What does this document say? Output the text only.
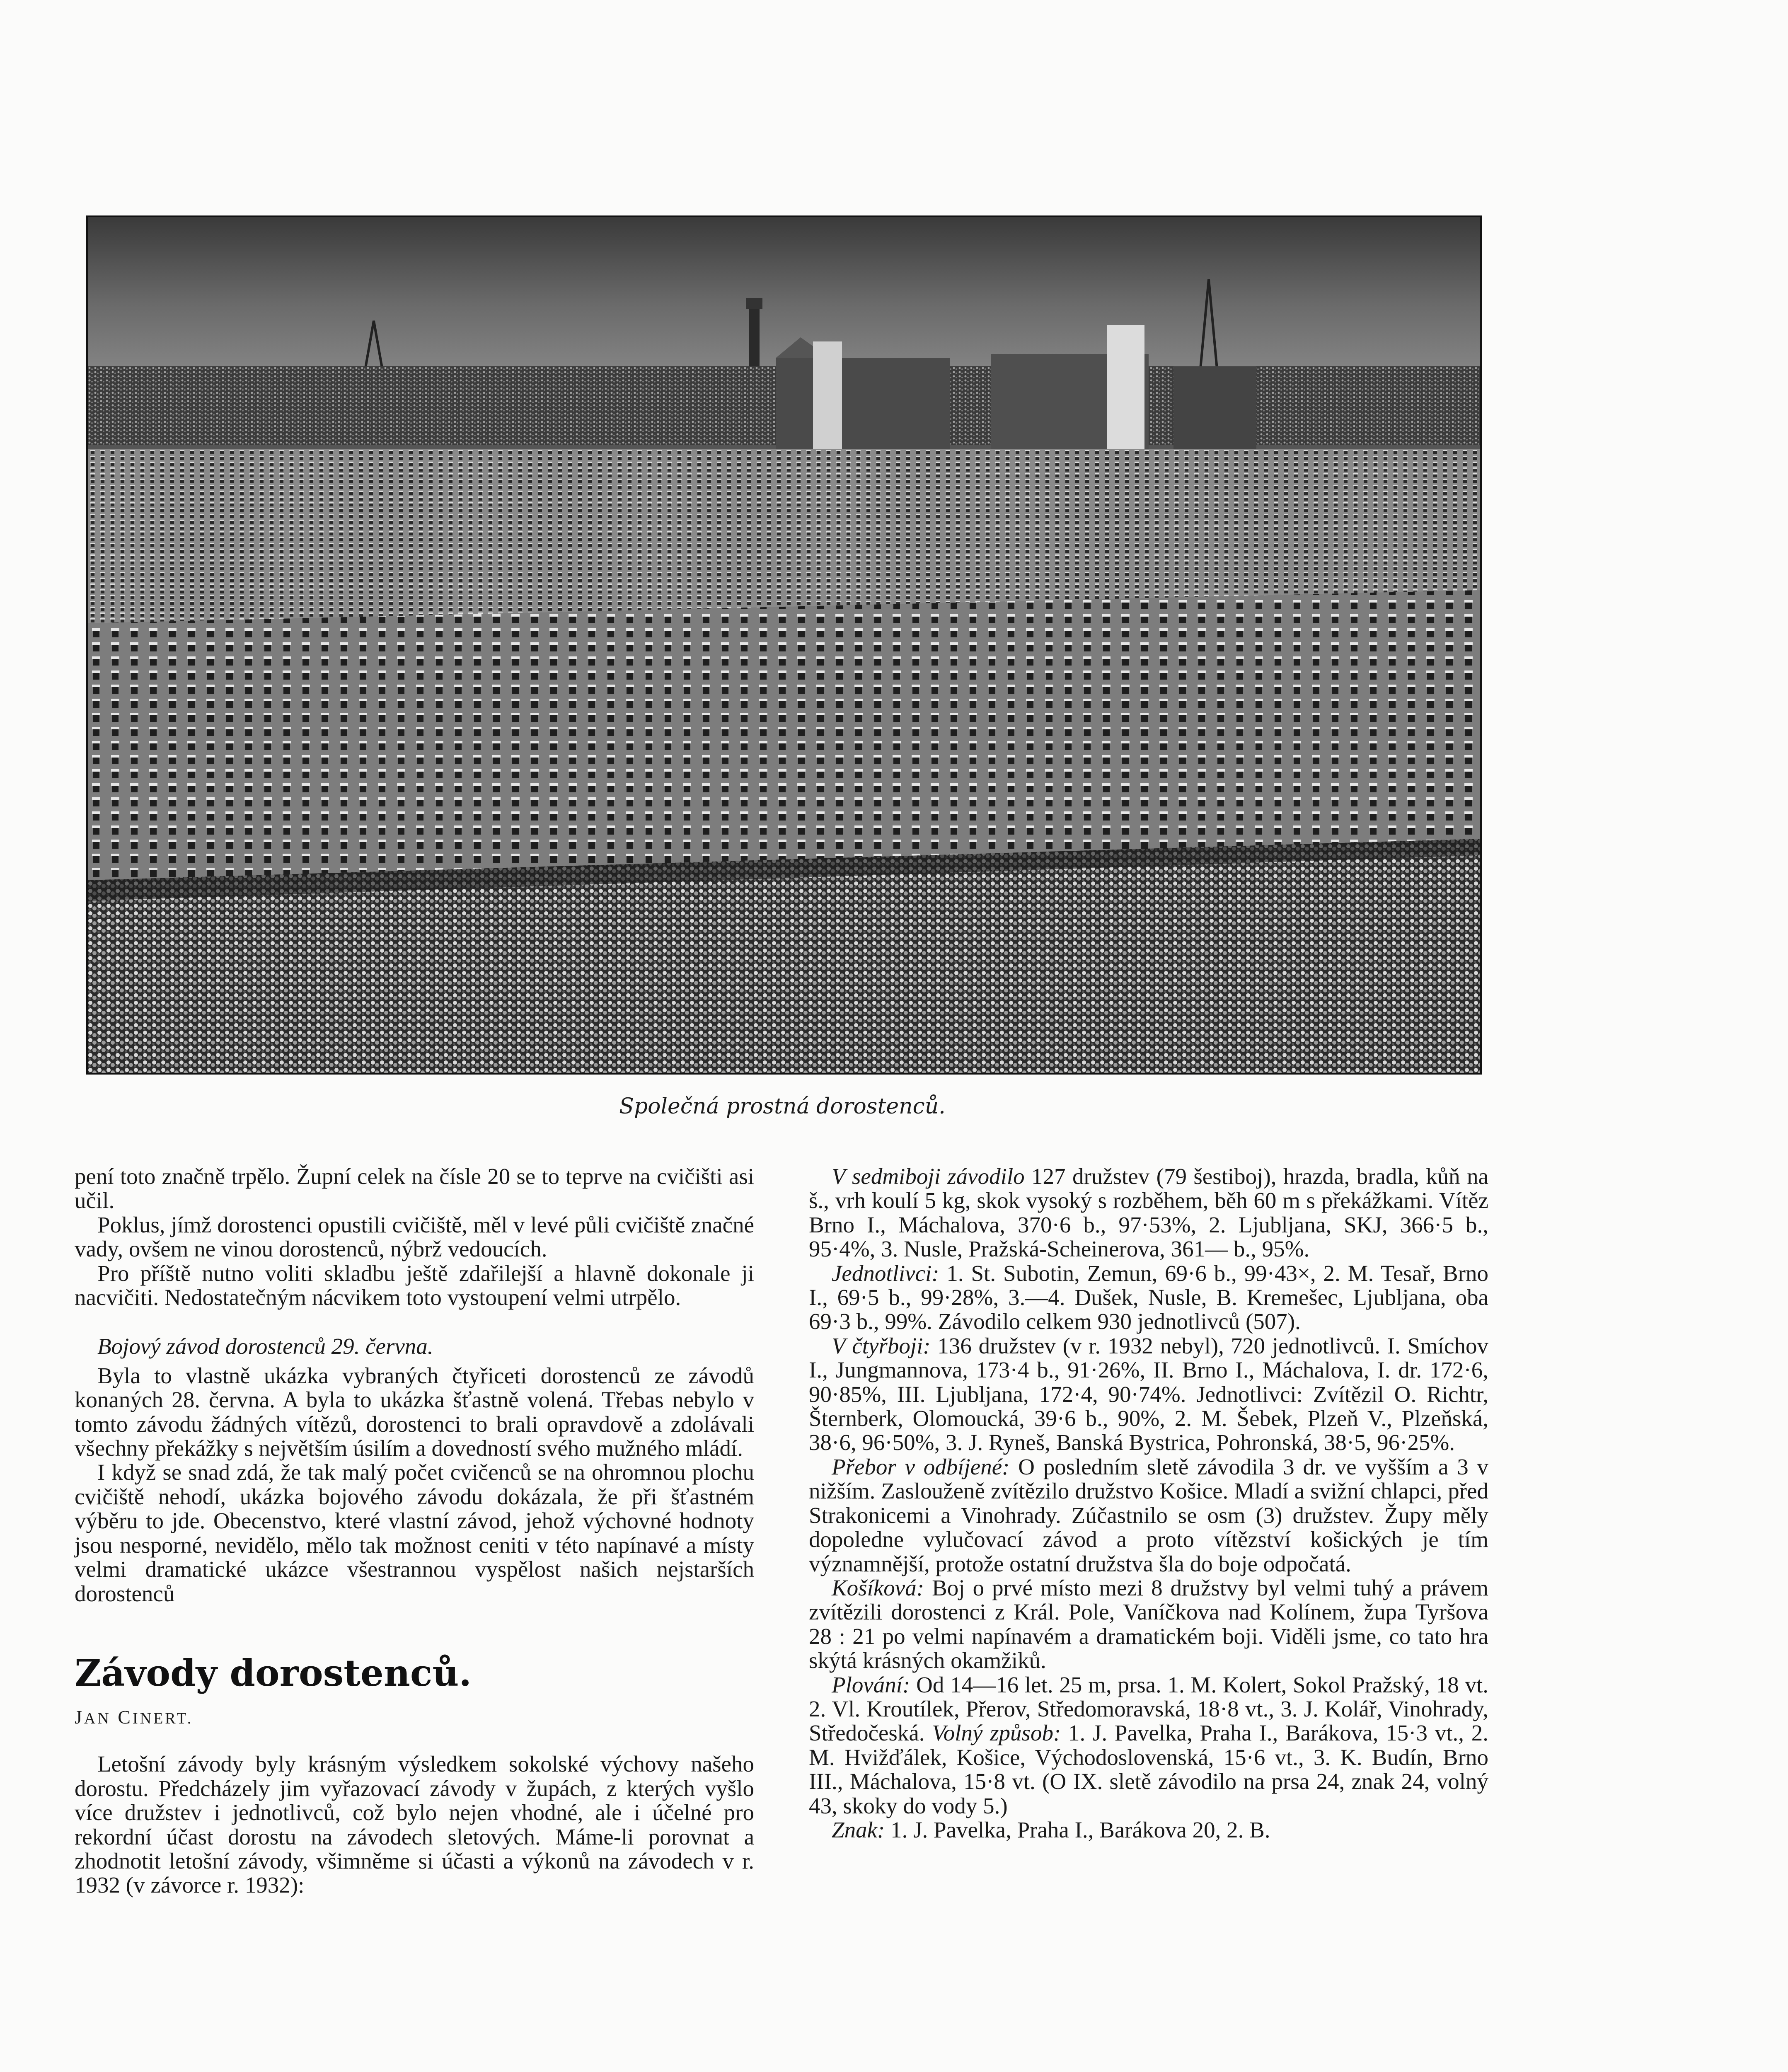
Společná prostná dorostenců.

pení toto značně trpělo. Župní celek na čísle 20 se to teprve na cvičišti asi učil.

Poklus, jímž dorostenci opustili cvičiště, měl v levé půli cvičiště značné vady, ovšem ne vinou dorostenců, nýbrž vedoucích.

Pro příště nutno voliti skladbu ještě zdařilejší a hlavně dokonale ji nacvičiti. Nedostatečným nácvikem toto vystoupení velmi utrpělo.

Bojový závod dorostenců 29. června.

Byla to vlastně ukázka vybraných čtyřiceti dorostenců ze závodů konaných 28. června. A byla to ukázka šťastně volená. Třebas nebylo v tomto závodu žádných vítězů, dorostenci to brali opravdově a zdolávali všechny překážky s největším úsilím a dovedností svého mužného mládí.

I když se snad zdá, že tak malý počet cvičenců se na ohromnou plochu cvičiště nehodí, ukázka bojového závodu dokázala, že při šťastném výběru to jde. Obecenstvo, které vlastní závod, jehož výchovné hodnoty jsou nesporné, nevidělo, mělo tak možnost ceniti v této napínavé a místy velmi dramatické ukázce všestrannou vyspělost našich nejstarších dorostenců

Závody dorostenců.

JAN CINERT.

Letošní závody byly krásným výsledkem sokolské výchovy našeho dorostu. Předcházely jim vyřazovací závody v župách, z kterých vyšlo více družstev i jednotlivců, což bylo nejen vhodné, ale i účelné pro rekordní účast dorostu na závodech sletových. Máme-li porovnat a zhodnotit letošní závody, všimněme si účasti a výkonů na závodech v r. 1932 (v závorce r. 1932):

V sedmiboji závodilo 127 družstev (79 šestiboj), hrazda, bradla, kůň na š., vrh koulí 5 kg, skok vysoký s rozběhem, běh 60 m s překážkami. Vítěz Brno I., Máchalova, 370·6 b., 97·53%, 2. Ljubljana, SKJ, 366·5 b., 95·4%, 3. Nusle, Pražská-Scheinerova, 361— b., 95%.

Jednotlivci: 1. St. Subotin, Zemun, 69·6 b., 99·43×, 2. M. Tesař, Brno I., 69·5 b., 99·28%, 3.—4. Dušek, Nusle, B. Kremešec, Ljubljana, oba 69·3 b., 99%. Závodilo celkem 930 jednotlivců (507).

V čtyřboji: 136 družstev (v r. 1932 nebyl), 720 jednotlivců. I. Smíchov I., Jungmannova, 173·4 b., 91·26%, II. Brno I., Máchalova, I. dr. 172·6, 90·85%, III. Ljubljana, 172·4, 90·74%. Jednotlivci: Zvítězil O. Richtr, Šternberk, Olomoucká, 39·6 b., 90%, 2. M. Šebek, Plzeň V., Plzeňská, 38·6, 96·50%, 3. J. Ryneš, Banská Bystrica, Pohronská, 38·5, 96·25%.

Přebor v odbíjené: O posledním sletě závodila 3 dr. ve vyšším a 3 v nižším. Zaslouženě zvítězilo družstvo Košice. Mladí a svižní chlapci, před Strakonicemi a Vinohrady. Zúčastnilo se osm (3) družstev. Župy měly dopoledne vylučovací závod a proto vítězství košických je tím významnější, protože ostatní družstva šla do boje odpočatá.

Košíková: Boj o prvé místo mezi 8 družstvy byl velmi tuhý a právem zvítězili dorostenci z Král. Pole, Vaníčkova nad Kolínem, župa Tyršova 28 : 21 po velmi napínavém a dramatickém boji. Viděli jsme, co tato hra skýtá krásných okamžiků.

Plování: Od 14—16 let. 25 m, prsa. 1. M. Kolert, Sokol Pražský, 18 vt. 2. Vl. Kroutílek, Přerov, Středomoravská, 18·8 vt., 3. J. Kolář, Vinohrady, Středočeská. Volný způsob: 1. J. Pavelka, Praha I., Barákova, 15·3 vt., 2. M. Hvižďálek, Košice, Východoslovenská, 15·6 vt., 3. K. Budín, Brno III., Máchalova, 15·8 vt. (O IX. sletě závodilo na prsa 24, znak 24, volný 43, skoky do vody 5.)

Znak: 1. J. Pavelka, Praha I., Barákova 20, 2. B.
